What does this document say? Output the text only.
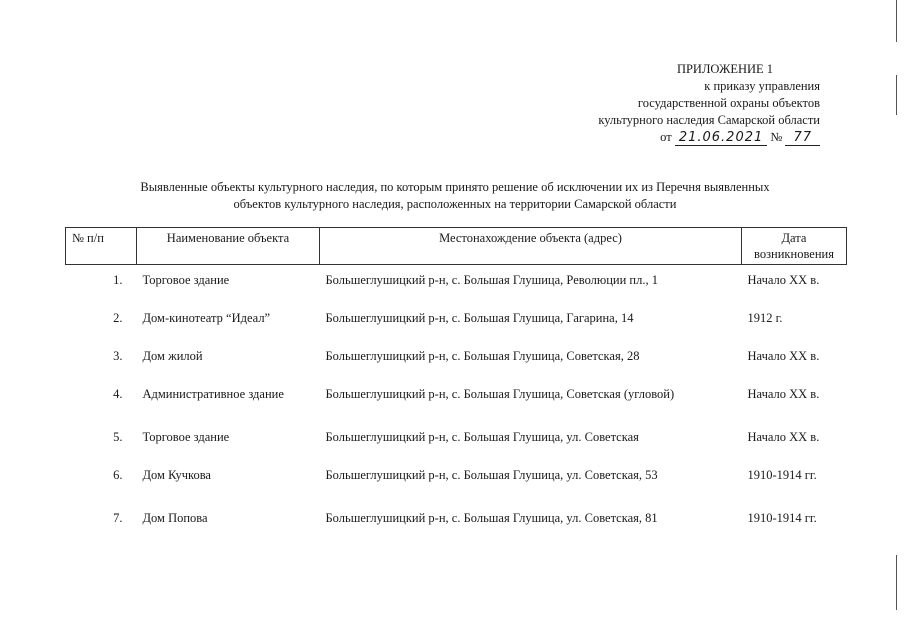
ПРИЛОЖЕНИЕ 1
к приказу управления
государственной охраны объектов
культурного наследия Самарской области
от 21.06.2021 № 77
Выявленные объекты культурного наследия, по которым принято решение об исключении их из Перечня выявленных
объектов культурного наследия, расположенных на территории Самарской области
№ п/п	Наименование объекта	Местонахождение объекта (адрес)	Дата
возникновения

1.	Торговое здание	Большеглушицкий р-н, с. Большая Глушица, Революции пл., 1	Начало XX в.
2.	Дом-кинотеатр “Идеал”	Большеглушицкий р-н, с. Большая Глушица, Гагарина, 14	1912 г.
3.	Дом жилой	Большеглушицкий р-н, с. Большая Глушица, Советская, 28	Начало XX в.
4.	Административное здание	Большеглушицкий р-н, с. Большая Глушица, Советская (угловой)	Начало XX в.
5.	Торговое здание	Большеглушицкий р-н, с. Большая Глушица, ул. Советская	Начало XX в.
6.	Дом Кучкова	Большеглушицкий р-н, с. Большая Глушица, ул. Советская, 53	1910-1914 гг.
7.	Дом Попова	Большеглушицкий р-н, с. Большая Глушица, ул. Советская, 81	1910-1914 гг.
